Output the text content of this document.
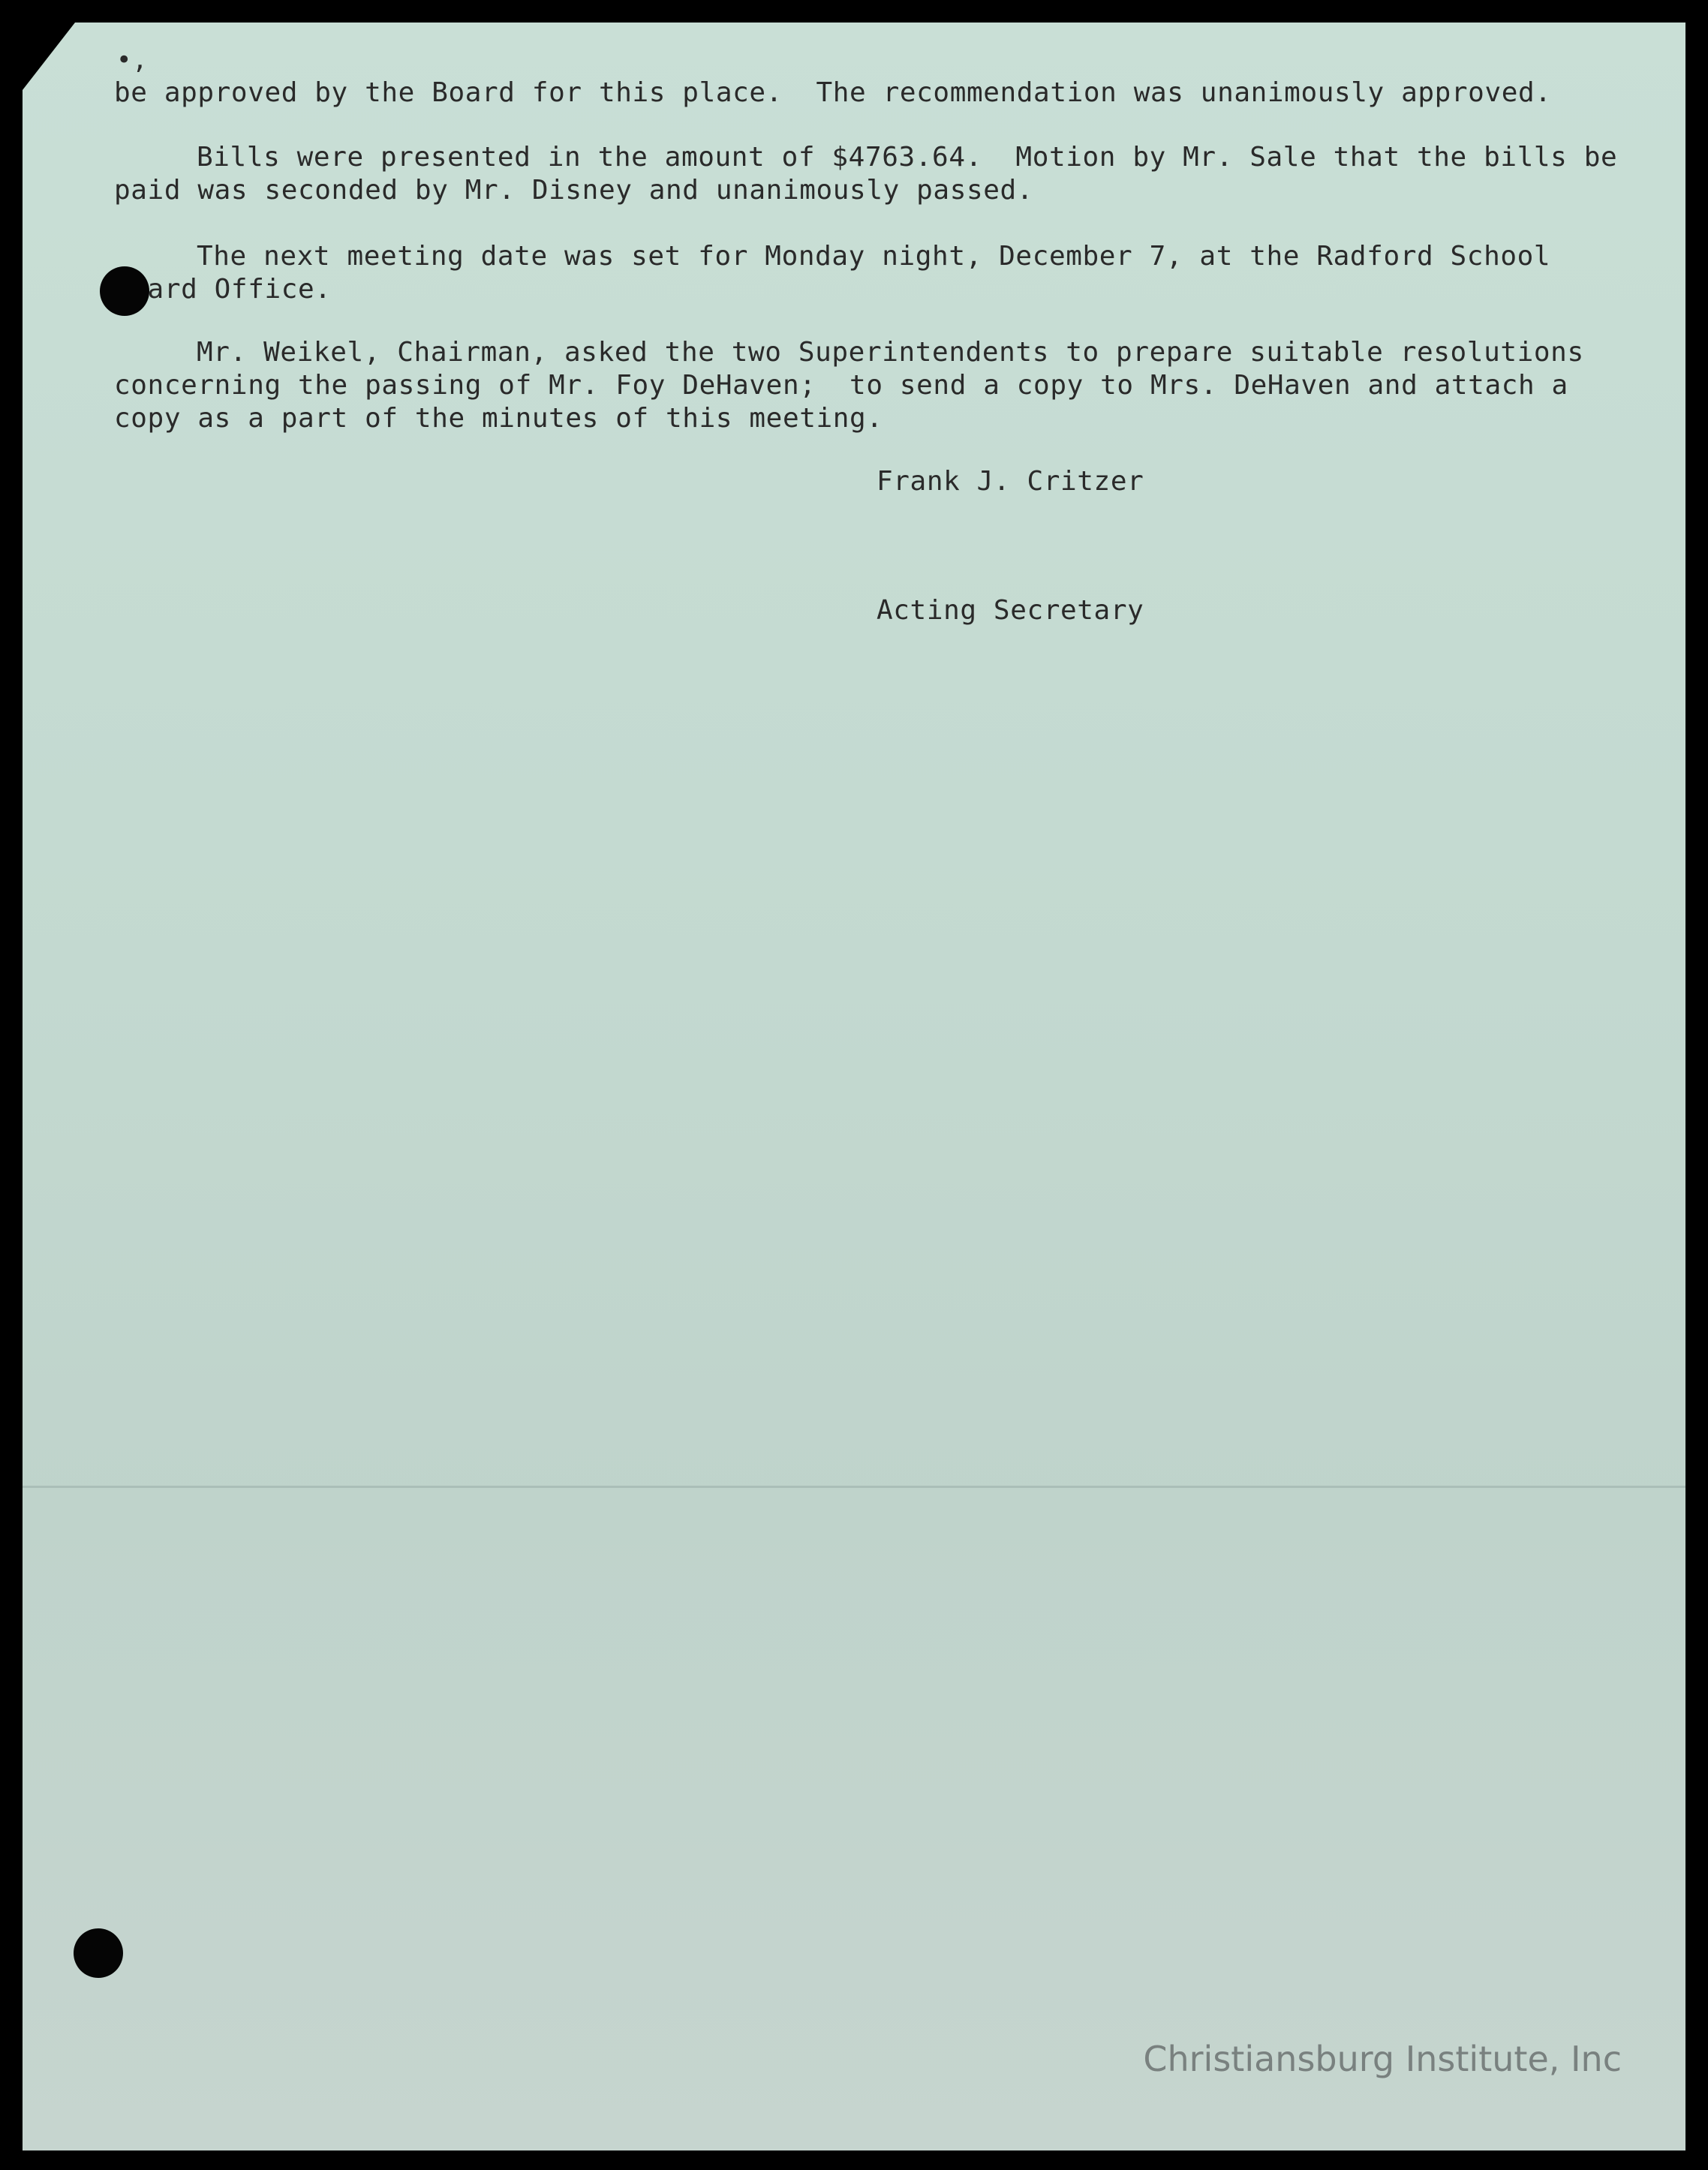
•,
be approved by the Board for this place.  The recommendation was unanimously approved.
Bills were presented in the amount of $4763.64.  Motion by Mr. Sale that the bills be
paid was seconded by Mr. Disney and unanimously passed.
The next meeting date was set for Monday night, December 7, at the Radford School
ard Office.
Mr. Weikel, Chairman, asked the two Superintendents to prepare suitable resolutions
concerning the passing of Mr. Foy DeHaven;  to send a copy to Mrs. DeHaven and attach a
copy as a part of the minutes of this meeting.
Frank J. Critzer
Acting Secretary

Christiansburg Institute, Inc
